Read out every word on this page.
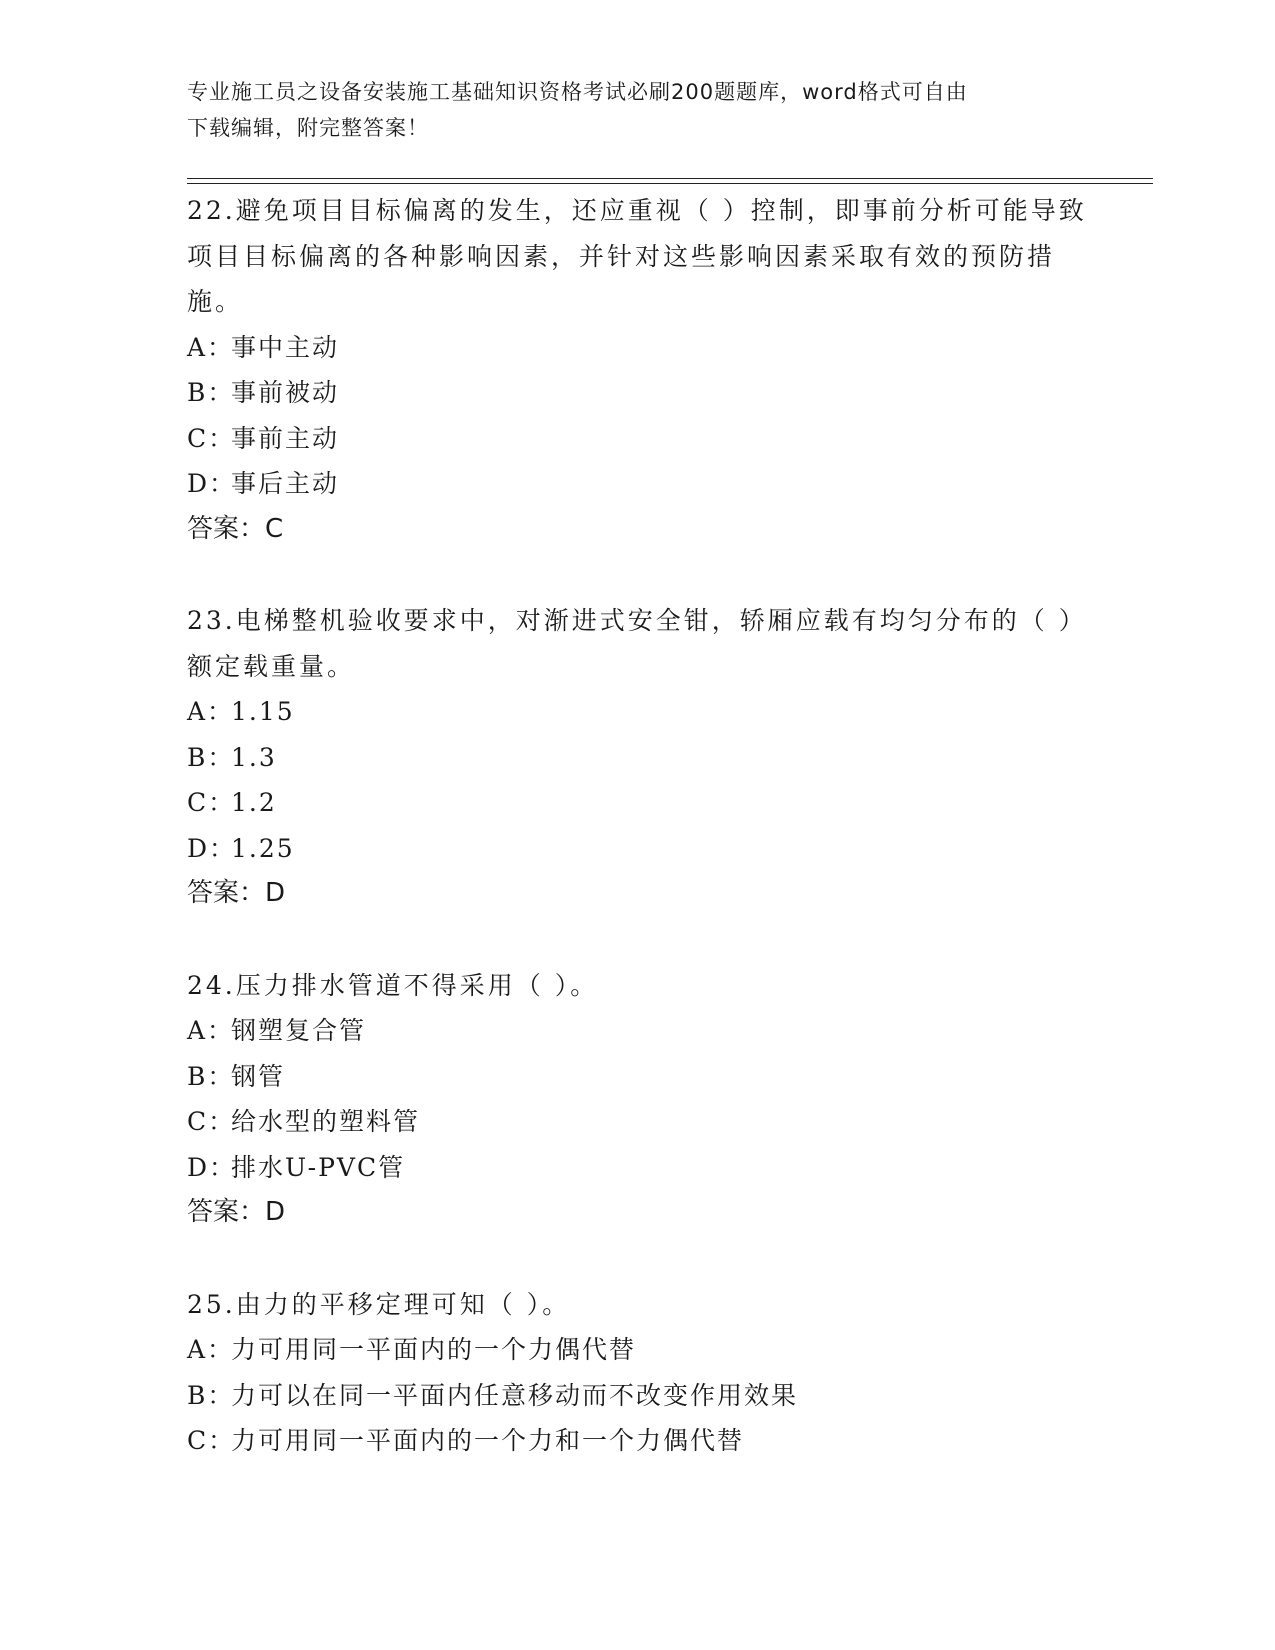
专业施工员之设备安装施工基础知识资格考试必刷200题题库，word格式可自由
下载编辑，附完整答案！
22.避免项目目标偏离的发生，还应重视（ ）控制，即事前分析可能导致项目目标偏离的各种影响因素，并针对这些影响因素采取有效的预防措施。
A：事中主动
B：事前被动
C：事前主动
D：事后主动
答案：C
23.电梯整机验收要求中，对渐进式安全钳，轿厢应载有均匀分布的（ ）额定载重量。
A：1.15
B：1.3
C：1.2
D：1.25
答案：D
24.压力排水管道不得采用（ ）。
A：钢塑复合管
B：钢管
C：给水型的塑料管
D：排水U-PVC管
答案：D
25.由力的平移定理可知（ ）。
A：力可用同一平面内的一个力偶代替
B：力可以在同一平面内任意移动而不改变作用效果
C：力可用同一平面内的一个力和一个力偶代替
